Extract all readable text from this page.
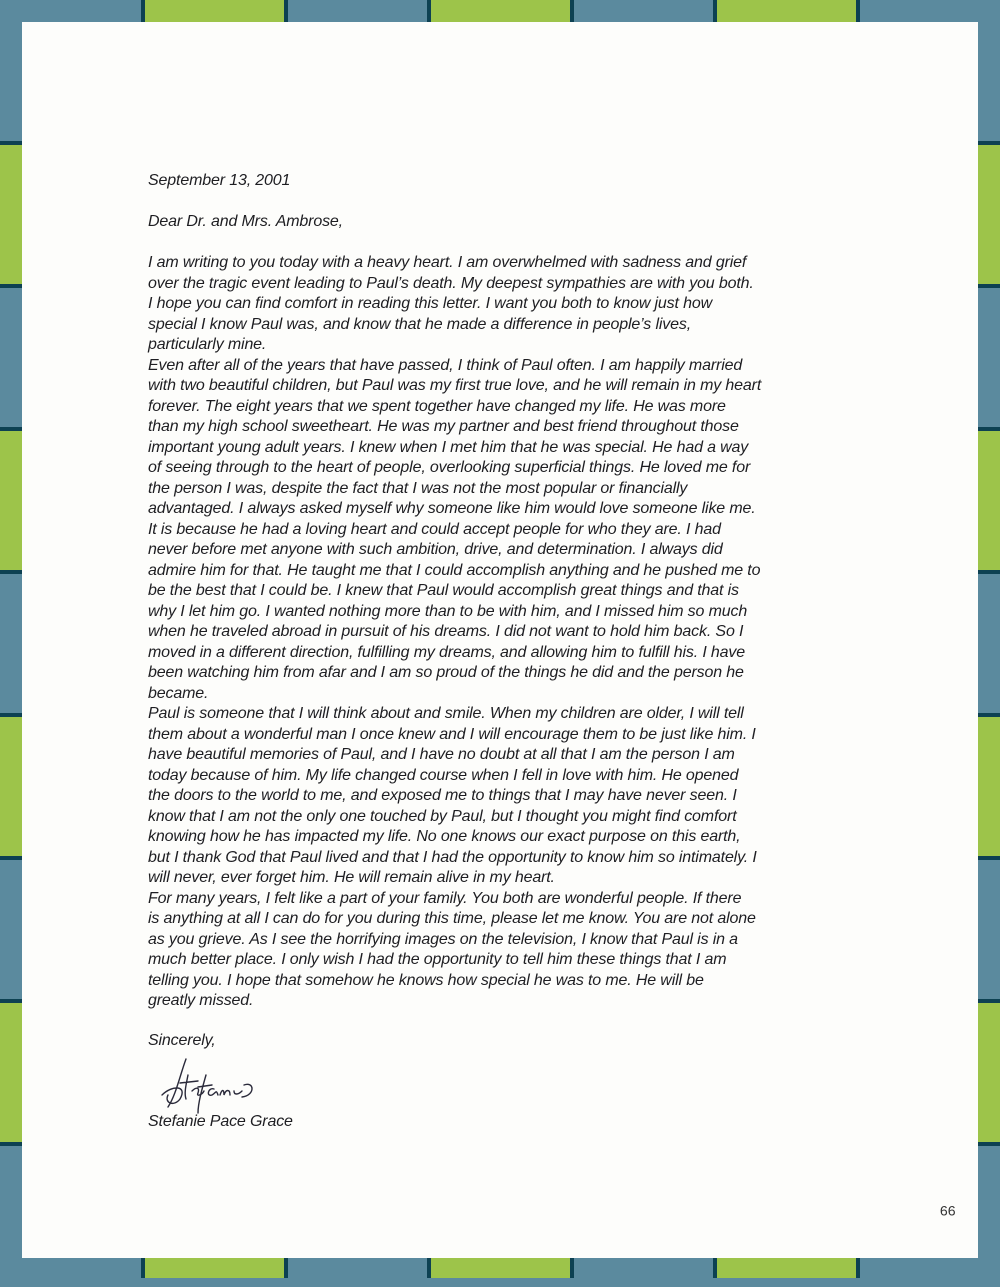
September 13, 2001
Dear Dr. and Mrs. Ambrose,
I am writing to you today with a heavy heart. I am overwhelmed with sadness and grief
over the tragic event leading to Paul’s death. My deepest sympathies are with you both.
I hope you can find comfort in reading this letter. I want you both to know just how
special I know Paul was, and know that he made a difference in people’s lives,
particularly mine.
Even after all of the years that have passed, I think of Paul often. I am happily married
with two beautiful children, but Paul was my first true love, and he will remain in my heart
forever. The eight years that we spent together have changed my life. He was more
than my high school sweetheart. He was my partner and best friend throughout those
important young adult years. I knew when I met him that he was special. He had a way
of seeing through to the heart of people, overlooking superficial things. He loved me for
the person I was, despite the fact that I was not the most popular or financially
advantaged. I always asked myself why someone like him would love someone like me.
It is because he had a loving heart and could accept people for who they are. I had
never before met anyone with such ambition, drive, and determination. I always did
admire him for that. He taught me that I could accomplish anything and he pushed me to
be the best that I could be. I knew that Paul would accomplish great things and that is
why I let him go. I wanted nothing more than to be with him, and I missed him so much
when he traveled abroad in pursuit of his dreams. I did not want to hold him back. So I
moved in a different direction, fulfilling my dreams, and allowing him to fulfill his. I have
been watching him from afar and I am so proud of the things he did and the person he
became.
Paul is someone that I will think about and smile. When my children are older, I will tell
them about a wonderful man I once knew and I will encourage them to be just like him. I
have beautiful memories of Paul, and I have no doubt at all that I am the person I am
today because of him. My life changed course when I fell in love with him. He opened
the doors to the world to me, and exposed me to things that I may have never seen. I
know that I am not the only one touched by Paul, but I thought you might find comfort
knowing how he has impacted my life. No one knows our exact purpose on this earth,
but I thank God that Paul lived and that I had the opportunity to know him so intimately. I
will never, ever forget him. He will remain alive in my heart.
For many years, I felt like a part of your family. You both are wonderful people. If there
is anything at all I can do for you during this time, please let me know. You are not alone
as you grieve. As I see the horrifying images on the television, I know that Paul is in a
much better place. I only wish I had the opportunity to tell him these things that I am
telling you. I hope that somehow he knows how special he was to me. He will be
greatly missed.
Sincerely,
Stefanie Pace Grace
99
